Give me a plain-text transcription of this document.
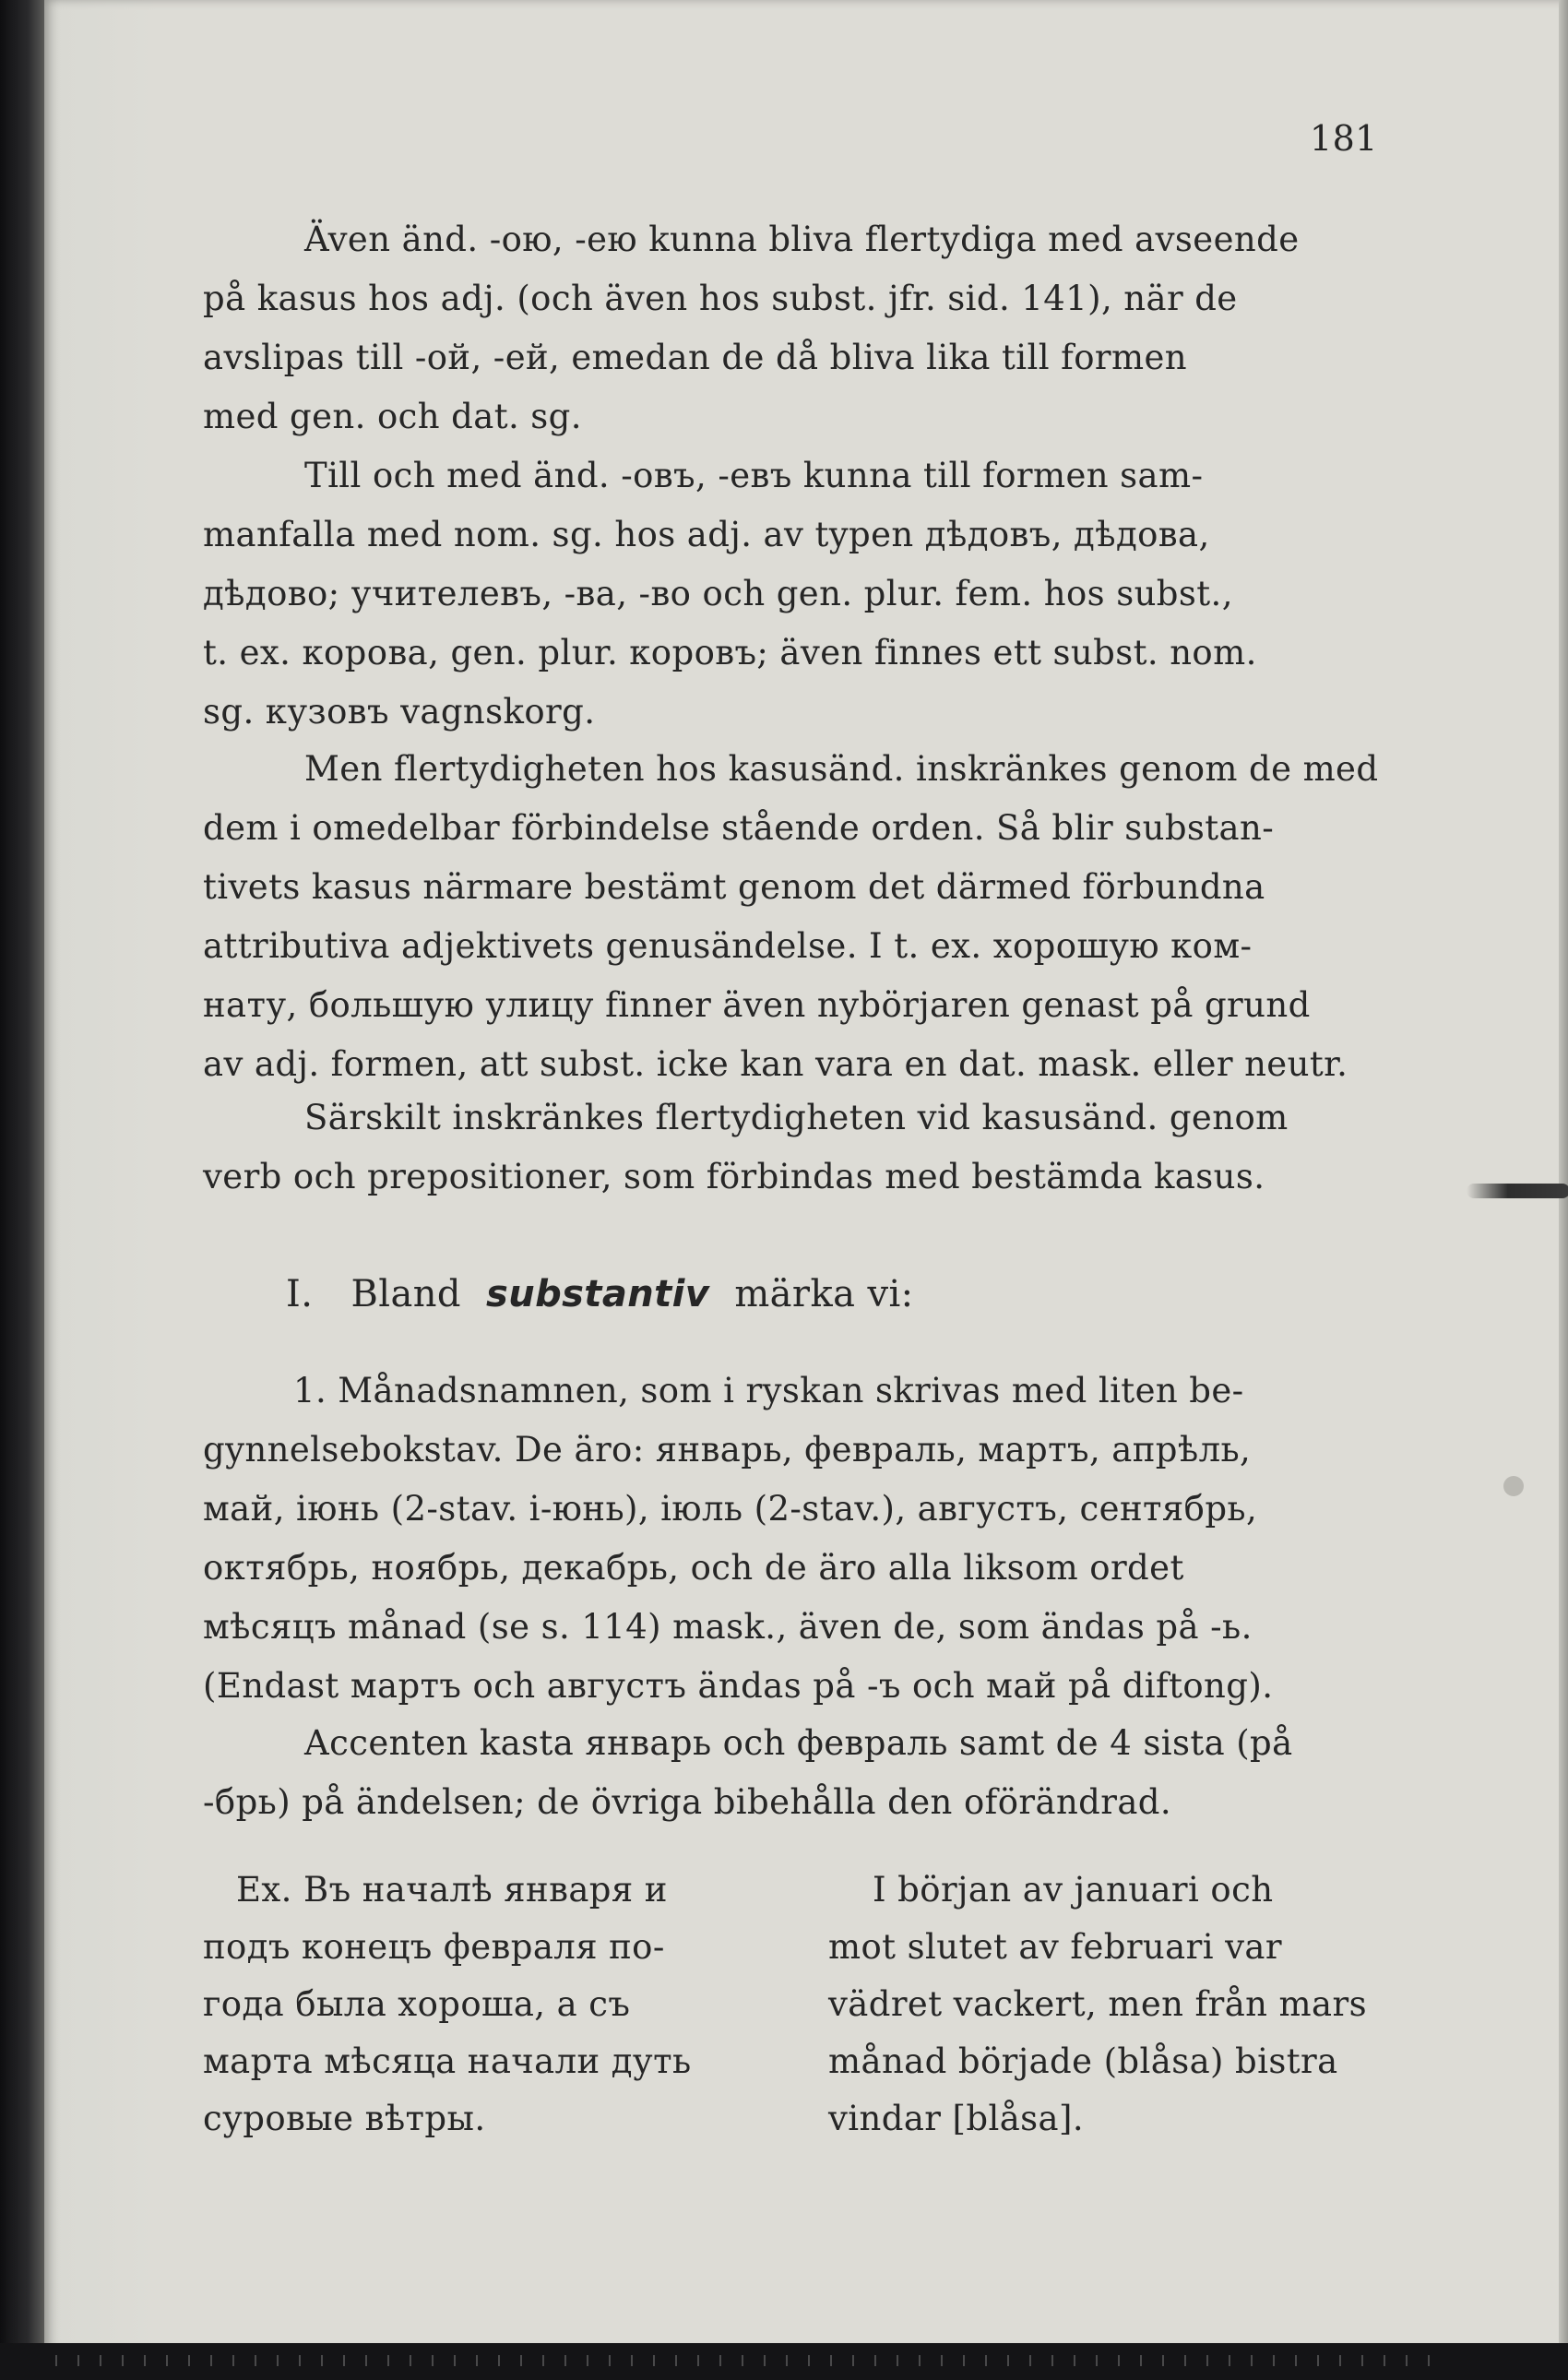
181
Även änd. -ою, -ею kunna bliva flertydiga med avseende
på kasus hos adj. (och även hos subst. jfr. sid. 141), när de
avslipas till -ой, -ей, emedan de då bliva lika till formen
med gen. och dat. sg.
Till och med änd. -овъ, -евъ kunna till formen sam-
manfalla med nom. sg. hos adj. av typen дѣдовъ, дѣдова,
дѣдово; учителевъ, -ва, -во och gen. plur. fem. hos subst.,
t. ex. корова, gen. plur. коровъ; även finnes ett subst. nom.
sg. кузовъ vagnskorg.
Men flertydigheten hos kasusänd. inskränkes genom de med
dem i omedelbar förbindelse stående orden. Så blir substan-
tivets kasus närmare bestämt genom det därmed förbundna
attributiva adjektivets genusändelse. I t. ex. хорошую ком-
нату, большую улицу finner även nybörjaren genast på grund
av adj. formen, att subst. icke kan vara en dat. mask. eller neutr.
Särskilt inskränkes flertydigheten vid kasusänd. genom
verb och prepositioner, som förbindas med bestämda kasus.
I. Bland substantiv märka vi:
1. Månadsnamnen, som i ryskan skrivas med liten be-
gynnelsebokstav. De äro: январь, февраль, мартъ, апрѣль,
май, iюнь (2-stav. i-юнь), iюль (2-stav.), августъ, сентябрь,
октябрь, ноябрь, декабрь, och de äro alla liksom ordet
мѣсяцъ månad (se s. 114) mask., även de, som ändas på -ь.
(Endast мартъ och августъ ändas på -ъ och май på diftong).
Accenten kasta январь och февраль samt de 4 sista (på
-брь) på ändelsen; de övriga bibehålla den oförändrad.
Ex. Въ началѣ января и
подъ конецъ февраля по-
года была хороша, а съ
марта мѣсяца начали дуть
суровые вѣтры.
I början av januari och
mot slutet av februari var
vädret vackert, men från mars
månad började (blåsa) bistra
vindar [blåsa].
